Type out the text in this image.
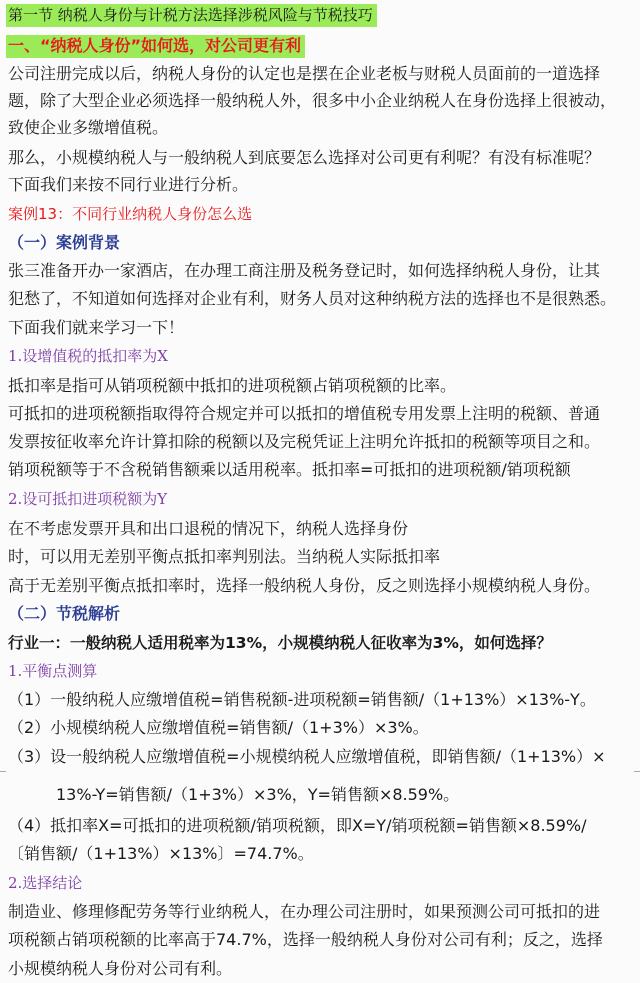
第一节 纳税人身份与计税方法选择涉税风险与节税技巧
一、“纳税人身份”如何选，对公司更有利
公司注册完成以后，纳税人身份的认定也是摆在企业老板与财税人员面前的一道选择
题，除了大型企业必须选择一般纳税人外，很多中小企业纳税人在身份选择上很被动，
致使企业多缴增值税。
那么，小规模纳税人与一般纳税人到底要怎么选择对公司更有利呢？有没有标准呢？
下面我们来按不同行业进行分析。
案例13：不同行业纳税人身份怎么选
（一）案例背景
张三准备开办一家酒店，在办理工商注册及税务登记时，如何选择纳税人身份，让其
犯愁了，不知道如何选择对企业有利，财务人员对这种纳税方法的选择也不是很熟悉。
下面我们就来学习一下！
1.设增值税的抵扣率为X
抵扣率是指可从销项税额中抵扣的进项税额占销项税额的比率。
可抵扣的进项税额指取得符合规定并可以抵扣的增值税专用发票上注明的税额、普通
发票按征收率允许计算扣除的税额以及完税凭证上注明允许抵扣的税额等项目之和。
销项税额等于不含税销售额乘以适用税率。抵扣率=可抵扣的进项税额/销项税额
2.设可抵扣进项税额为Y
在不考虑发票开具和出口退税的情况下，纳税人选择身份
时，可以用无差别平衡点抵扣率判别法。当纳税人实际抵扣率
高于无差别平衡点抵扣率时，选择一般纳税人身份，反之则选择小规模纳税人身份。
（二）节税解析
行业一：一般纳税人适用税率为13%，小规模纳税人征收率为3%，如何选择？
1.平衡点测算
（1）一般纳税人应缴增值税=销售税额-进项税额=销售额/（1+13%）×13%-Y。
（2）小规模纳税人应缴增值税=销售额/（1+3%）×3%。
（3）设一般纳税人应缴增值税=小规模纳税人应缴增值税，即销售额/（1+13%）×
13%-Y=销售额/（1+3%）×3%，Y=销售额×8.59%。
（4）抵扣率X=可抵扣的进项税额/销项税额，即X=Y/销项税额=销售额×8.59%/
〔销售额/（1+13%）×13%〕=74.7%。
2.选择结论
制造业、修理修配劳务等行业纳税人，在办理公司注册时，如果预测公司可抵扣的进
项税额占销项税额的比率高于74.7%，选择一般纳税人身份对公司有利；反之，选择
小规模纳税人身份对公司有利。
